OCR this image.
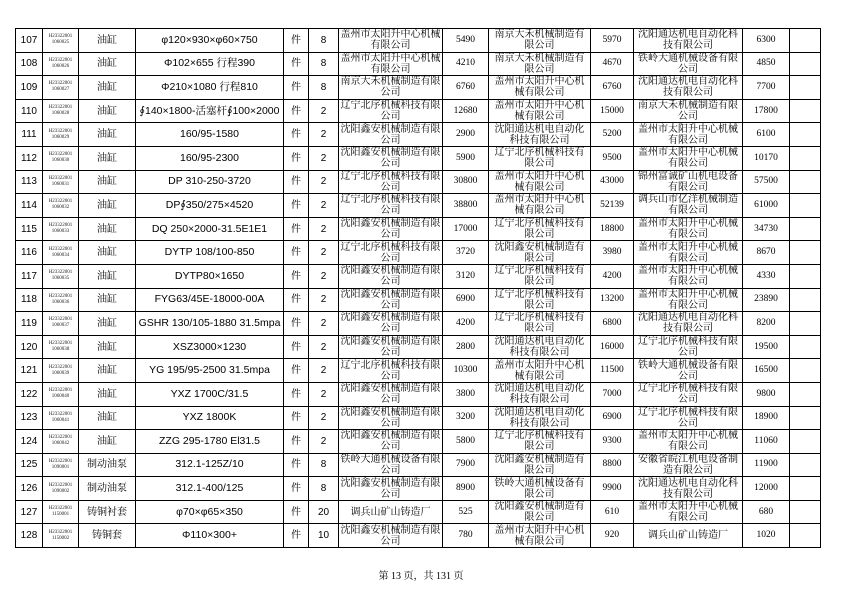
107	H23322001 1060025	油缸	φ120×930×φ60×750	件	8	盖州市太阳升中心机械有限公司	5490	南京大禾机械制造有限公司	5970	沈阳通达机电自动化科技有限公司	6300	
108	H23322001 1060026	油缸	Φ102×655 行程390	件	8	盖州市太阳升中心机械有限公司	4210	南京大禾机械制造有限公司	4670	铁岭大通机械设备有限公司	4850	
109	H23322001 1060027	油缸	Φ210×1080 行程810	件	8	南京大禾机械制造有限公司	6760	盖州市太阳升中心机械有限公司	6760	沈阳通达机电自动化科技有限公司	7700	
110	H23322001 1060028	油缸	∮140×1800-活塞杆∮100×2000	件	2	辽宁北序机械科技有限公司	12680	盖州市太阳升中心机械有限公司	15000	南京大禾机械制造有限公司	17800	
111	H23322001 1060029	油缸	160/95-1580	件	2	沈阳鑫安机械制造有限公司	2900	沈阳通达机电自动化科技有限公司	5200	盖州市太阳升中心机械有限公司	6100	
112	H23322001 1060030	油缸	160/95-2300	件	2	沈阳鑫安机械制造有限公司	5900	辽宁北序机械科技有限公司	9500	盖州市太阳升中心机械有限公司	10170	
113	H23322001 1060031	油缸	DP 310-250-3720	件	2	辽宁北序机械科技有限公司	30800	盖州市太阳升中心机械有限公司	43000	锦州富诚矿山机电设备有限公司	57500	
114	H23322001 1060032	油缸	DP∮350/275×4520	件	2	辽宁北序机械科技有限公司	38800	盖州市太阳升中心机械有限公司	52139	调兵山市亿洋机械制造有限公司	61000	
115	H23322001 1060033	油缸	DQ 250×2000-31.5E1E1	件	2	沈阳鑫安机械制造有限公司	17000	辽宁北序机械科技有限公司	18800	盖州市太阳升中心机械有限公司	34730	
116	H23322001 1060034	油缸	DYTP 108/100-850	件	2	辽宁北序机械科技有限公司	3720	沈阳鑫安机械制造有限公司	3980	盖州市太阳升中心机械有限公司	8670	
117	H23322001 1060035	油缸	DYTP80×1650	件	2	沈阳鑫安机械制造有限公司	3120	辽宁北序机械科技有限公司	4200	盖州市太阳升中心机械有限公司	4330	
118	H23322001 1060036	油缸	FYG63/45E-18000-00A	件	2	沈阳鑫安机械制造有限公司	6900	辽宁北序机械科技有限公司	13200	盖州市太阳升中心机械有限公司	23890	
119	H23322001 1060037	油缸	GSHR 130/105-1880 31.5mpa	件	2	沈阳鑫安机械制造有限公司	4200	辽宁北序机械科技有限公司	6800	沈阳通达机电自动化科技有限公司	8200	
120	H23322001 1060038	油缸	XSZ3000×1230	件	2	沈阳鑫安机械制造有限公司	2800	沈阳通达机电自动化科技有限公司	16000	辽宁北序机械科技有限公司	19500	
121	H23322001 1060039	油缸	YG 195/95-2500 31.5mpa	件	2	辽宁北序机械科技有限公司	10300	盖州市太阳升中心机械有限公司	11500	铁岭大通机械设备有限公司	16500	
122	H23322001 1060040	油缸	YXZ 1700C/31.5	件	2	沈阳鑫安机械制造有限公司	3800	沈阳通达机电自动化科技有限公司	7000	辽宁北序机械科技有限公司	9800	
123	H23322001 1060041	油缸	YXZ 1800K	件	2	沈阳鑫安机械制造有限公司	3200	沈阳通达机电自动化科技有限公司	6900	辽宁北序机械科技有限公司	18900	
124	H23322001 1060042	油缸	ZZG 295-1780 El31.5	件	2	沈阳鑫安机械制造有限公司	5800	辽宁北序机械科技有限公司	9300	盖州市太阳升中心机械有限公司	11060	
125	H23322001 1090001	制动油泵	312.1-125Z/10	件	8	铁岭大通机械设备有限公司	7900	沈阳鑫安机械制造有限公司	8800	安徽省皖江机电设备制造有限公司	11900	
126	H23322001 1090002	制动油泵	312.1-400/125	件	8	沈阳鑫安机械制造有限公司	8900	铁岭大通机械设备有限公司	9900	沈阳通达机电自动化科技有限公司	12000	
127	H23322001 1150001	铸铜衬套	φ70×φ65×350	件	20	调兵山矿山铸造厂	525	沈阳鑫安机械制造有限公司	610	盖州市太阳升中心机械有限公司	680	
128	H23322001 1150002	铸铜套	Φ110×300+	件	10	沈阳鑫安机械制造有限公司	780	盖州市太阳升中心机械有限公司	920	调兵山矿山铸造厂	1020	
第 13 页，共 131 页
